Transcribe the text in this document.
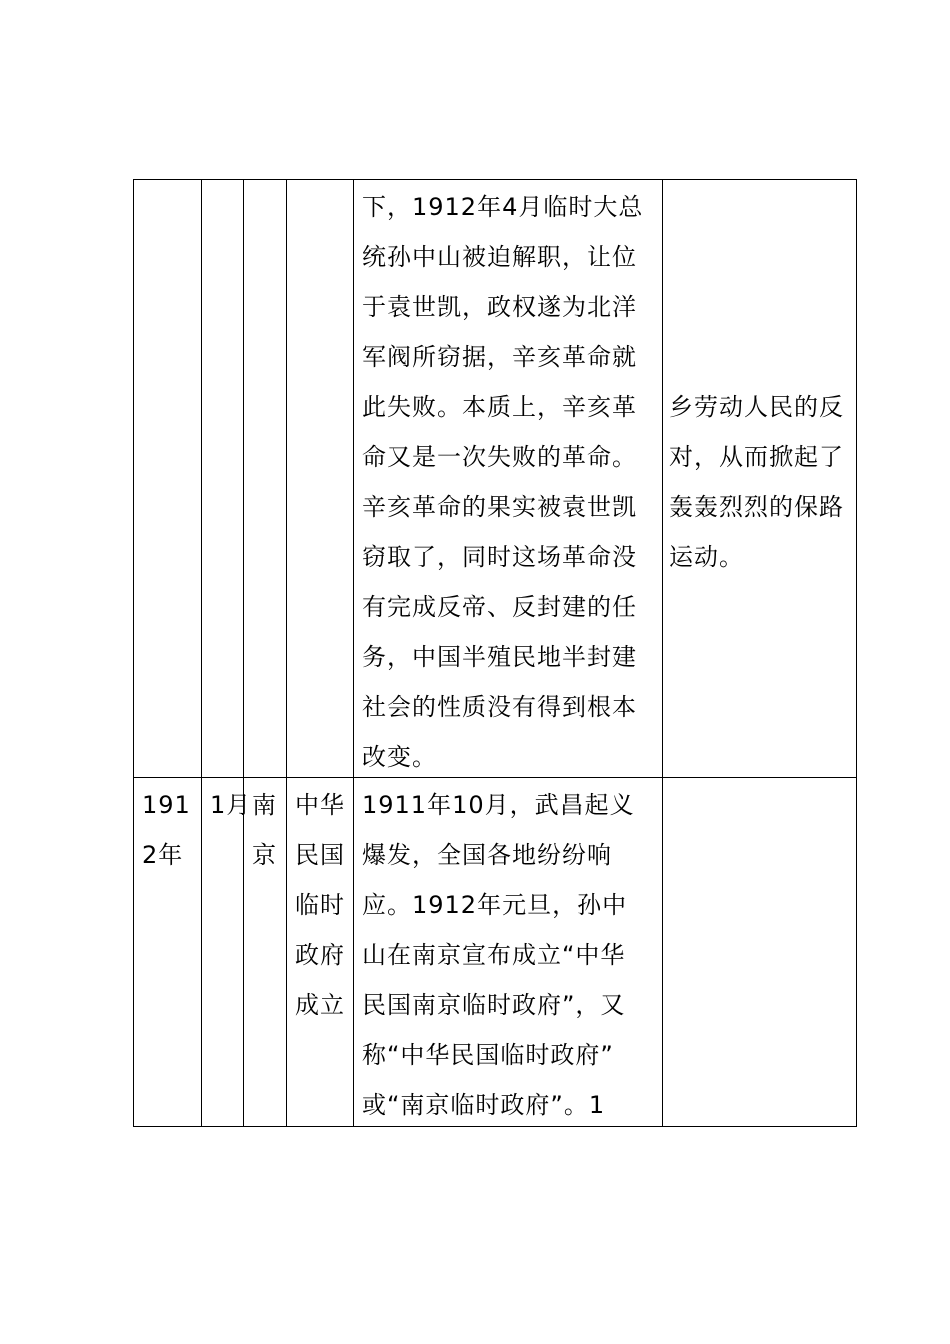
下，1912年4月临时大总
统孙中山被迫解职，让位
于袁世凯，政权遂为北洋
军阀所窃据，辛亥革命就
此失败。本质上，辛亥革
命又是一次失败的革命。
辛亥革命的果实被袁世凯
窃取了，同时这场革命没
有完成反帝、反封建的任
务，中国半殖民地半封建
社会的性质没有得到根本
改变。
乡劳动人民的反
对，从而掀起了
轰轰烈烈的保路
运动。
191
2年
1月 南
京
中华
民国
临时
政府
成立
1911年10月，武昌起义
爆发，全国各地纷纷响
应。1912年元旦，孙中
山在南京宣布成立“中华
民国南京临时政府”，又
称“中华民国临时政府”
或“南京临时政府”。1
